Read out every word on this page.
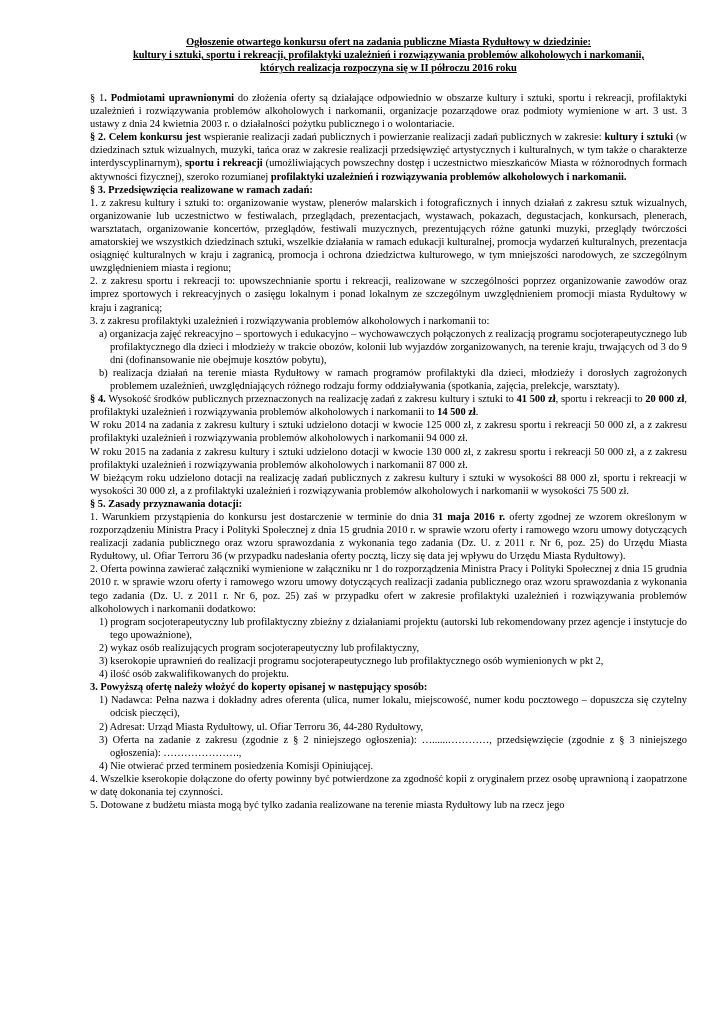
Ogłoszenie otwartego konkursu ofert na zadania publiczne Miasta Rydułtowy w dziedzinie:
kultury i sztuki, sportu i rekreacji, profilaktyki uzależnień i rozwiązywania problemów alkoholowych i narkomanii,
których realizacja rozpoczyna się w II półroczu 2016 roku

§ 1. Podmiotami uprawnionymi do złożenia oferty są działające odpowiednio w obszarze kultury i sztuki, sportu i rekreacji, profilaktyki uzależnień i rozwiązywania problemów alkoholowych i narkomanii, organizacje pozarządowe oraz podmioty wymienione w art. 3 ust. 3 ustawy z dnia 24 kwietnia 2003 r. o działalności pożytku publicznego i o wolontariacie.

§ 2. Celem konkursu jest wspieranie realizacji zadań publicznych i powierzanie realizacji zadań publicznych w zakresie: kultury i sztuki (w dziedzinach sztuk wizualnych, muzyki, tańca oraz w zakresie realizacji przedsięwzięć artystycznych i kulturalnych, w tym także o charakterze interdyscyplinarnym), sportu i rekreacji (umożliwiających powszechny dostęp i uczestnictwo mieszkańców Miasta w różnorodnych formach aktywności fizycznej), szeroko rozumianej profilaktyki uzależnień i rozwiązywania problemów alkoholowych i narkomanii.

§ 3. Przedsięwzięcia realizowane w ramach zadań:

1. z zakresu kultury i sztuki to: organizowanie wystaw, plenerów malarskich i fotograficznych i innych działań z zakresu sztuk wizualnych, organizowanie lub uczestnictwo w festiwalach, przeglądach, prezentacjach, wystawach, pokazach, degustacjach, konkursach, plenerach, warsztatach, organizowanie koncertów, przeglądów, festiwali muzycznych, prezentujących różne gatunki muzyki, przeglądy twórczości amatorskiej we wszystkich dziedzinach sztuki, wszelkie działania w ramach edukacji kulturalnej, promocja wydarzeń kulturalnych, prezentacja osiągnięć kulturalnych w kraju i zagranicą, promocja i ochrona dziedzictwa kulturowego, w tym mniejszości narodowych, ze szczególnym uwzględnieniem miasta i regionu;

2. z zakresu sportu i rekreacji to: upowszechnianie sportu i rekreacji, realizowane w szczególności poprzez organizowanie zawodów oraz imprez sportowych i rekreacyjnych o zasięgu lokalnym i ponad lokalnym ze szczególnym uwzględnieniem promocji miasta Rydułtowy w kraju i zagranicą;

3. z zakresu profilaktyki uzależnień i rozwiązywania problemów alkoholowych i narkomanii to:

a) organizacja zajęć rekreacyjno – sportowych i edukacyjno – wychowawczych połączonych z realizacją programu socjoterapeutycznego lub profilaktycznego dla dzieci i młodzieży w trakcie obozów, kolonii lub wyjazdów zorganizowanych, na terenie kraju, trwających od 3 do 9 dni (dofinansowanie nie obejmuje kosztów pobytu),

b) realizacja działań na terenie miasta Rydułtowy w ramach programów profilaktyki dla dzieci, młodzieży i dorosłych zagrożonych problemem uzależnień, uwzględniających różnego rodzaju formy oddziaływania (spotkania, zajęcia, prelekcje, warsztaty).

§ 4. Wysokość środków publicznych przeznaczonych na realizację zadań z zakresu kultury i sztuki to 41 500 zł, sportu i rekreacji to 20 000 zł, profilaktyki uzależnień i rozwiązywania problemów alkoholowych i narkomanii to 14 500 zł.

W roku 2014 na zadania z zakresu kultury i sztuki udzielono dotacji w kwocie 125 000 zł, z zakresu sportu i rekreacji 50 000 zł, a z zakresu profilaktyki uzależnień i rozwiązywania problemów alkoholowych i narkomanii 94 000 zł.

W roku 2015 na zadania z zakresu kultury i sztuki udzielono dotacji w kwocie 130 000 zł, z zakresu sportu i rekreacji 50 000 zł, a z zakresu profilaktyki uzależnień i rozwiązywania problemów alkoholowych i narkomanii 87 000 zł.

W bieżącym roku udzielono dotacji na realizację zadań publicznych z zakresu kultury i sztuki w wysokości 88 000 zł, sportu i rekreacji w wysokości 30 000 zł, a z profilaktyki uzależnień i rozwiązywania problemów alkoholowych i narkomanii w wysokości 75 500 zł.

§ 5. Zasady przyznawania dotacji:

1. Warunkiem przystąpienia do konkursu jest dostarczenie w terminie do dnia 31 maja 2016 r. oferty zgodnej ze wzorem określonym w rozporządzeniu Ministra Pracy i Polityki Społecznej z dnia 15 grudnia 2010 r. w sprawie wzoru oferty i ramowego wzoru umowy dotyczących realizacji zadania publicznego oraz wzoru sprawozdania z wykonania tego zadania (Dz. U. z 2011 r. Nr 6, poz. 25) do Urzędu Miasta Rydułtowy, ul. Ofiar Terroru 36 (w przypadku nadesłania oferty pocztą, liczy się data jej wpływu do Urzędu Miasta Rydułtowy).

2. Oferta powinna zawierać załączniki wymienione w załączniku nr 1 do rozporządzenia Ministra Pracy i Polityki Społecznej z dnia 15 grudnia 2010 r. w sprawie wzoru oferty i ramowego wzoru umowy dotyczących realizacji zadania publicznego oraz wzoru sprawozdania z wykonania tego zadania (Dz. U. z 2011 r. Nr 6, poz. 25) zaś w przypadku ofert w zakresie profilaktyki uzależnień i rozwiązywania problemów alkoholowych i narkomanii dodatkowo:

1) program socjoterapeutyczny lub profilaktyczny zbieżny z działaniami projektu (autorski lub rekomendowany przez agencje i instytucje do tego upoważnione),

2) wykaz osób realizujących program socjoterapeutyczny lub profilaktyczny,

3) kserokopie uprawnień do realizacji programu socjoterapeutycznego lub profilaktycznego osób wymienionych w pkt 2,

4) ilość osób zakwalifikowanych do projektu.

3. Powyższą ofertę należy włożyć do koperty opisanej w następujący sposób:

1) Nadawca: Pełna nazwa i dokładny adres oferenta (ulica, numer lokalu, miejscowość, numer kodu pocztowego – dopuszcza się czytelny odcisk pieczęci),

2) Adresat: Urząd Miasta Rydułtowy, ul. Ofiar Terroru 36, 44-280 Rydułtowy,

3) Oferta na zadanie z zakresu (zgodnie z § 2 niniejszego ogłoszenia): …......…………, przedsięwzięcie (zgodnie z § 3 niniejszego ogłoszenia): ………………….,

4) Nie otwierać przed terminem posiedzenia Komisji Opiniującej.

4. Wszelkie kserokopie dołączone do oferty powinny być potwierdzone za zgodność kopii z oryginałem przez osobę uprawnioną i zaopatrzone w datę dokonania tej czynności.

5. Dotowane z budżetu miasta mogą być tylko zadania realizowane na terenie miasta Rydułtowy lub na rzecz jego
